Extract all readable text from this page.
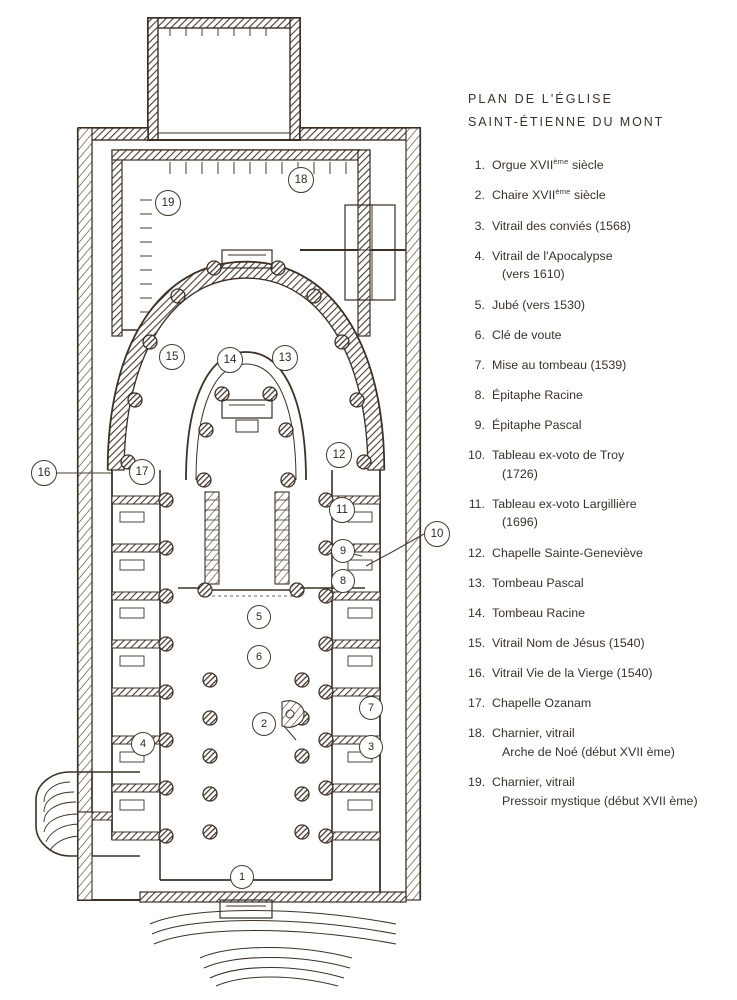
19
18
15	14	13
12
17
16
11
10
9
8
5
6
7
2
3
4
1
PLAN DE L'ÉGLISE
SAINT-ÉTIENNE DU MONT
1. Orgue XVIIème siècle
2. Chaire XVIIème siècle
3. Vitrail des conviés (1568)
4. Vitrail de l'Apocalypse
(vers 1610)
5. Jubé (vers 1530)
6. Clé de voute
7. Mise au tombeau (1539)
8. Épitaphe Racine
9. Épitaphe Pascal
10. Tableau ex-voto de Troy
(1726)
11. Tableau ex-voto Largillière
(1696)
12. Chapelle Sainte-Geneviève
13. Tombeau Pascal
14. Tombeau Racine
15. Vitrail Nom de Jésus (1540)
16. Vitrail Vie de la Vierge (1540)
17. Chapelle Ozanam
18. Charnier, vitrail
Arche de Noé (début XVII ème)
19. Charnier, vitrail
Pressoir mystique (début XVII ème)
